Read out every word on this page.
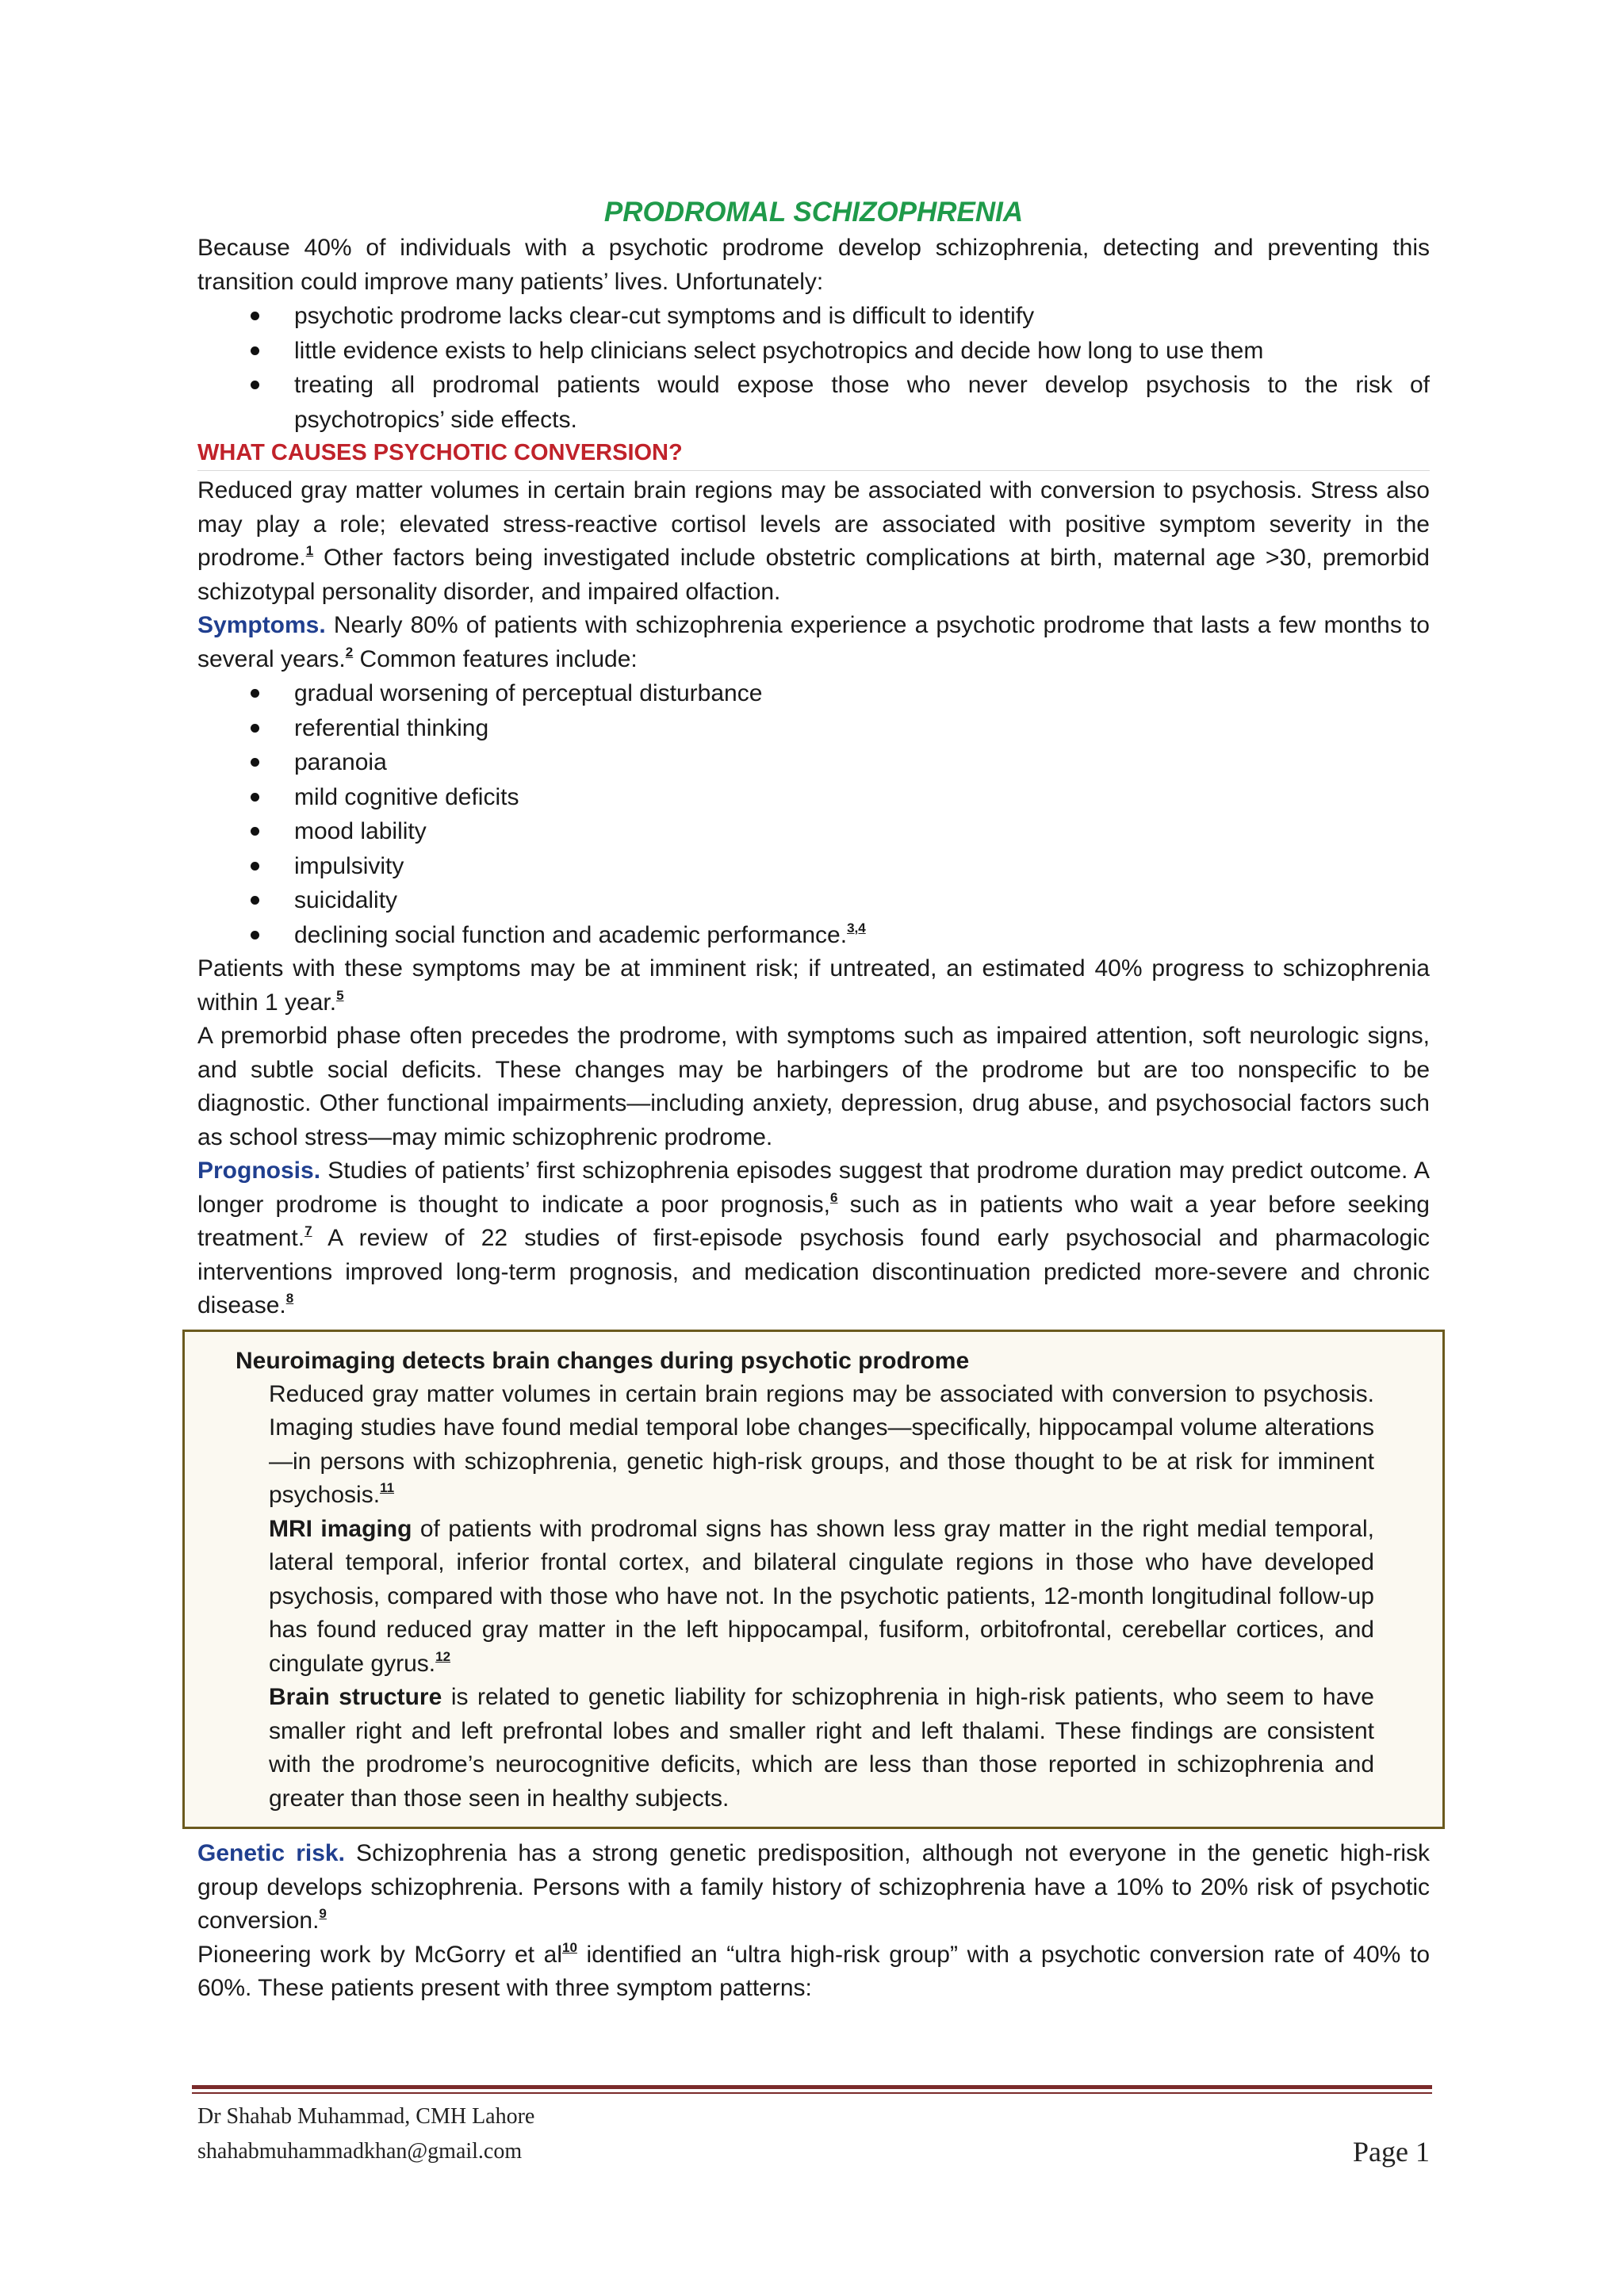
PRODROMAL SCHIZOPHRENIA

Because 40% of individuals with a psychotic prodrome develop schizophrenia, detecting and preventing this transition could improve many patients’ lives. Unfortunately:

psychotic prodrome lacks clear-cut symptoms and is difficult to identify
little evidence exists to help clinicians select psychotropics and decide how long to use them
treating all prodromal patients would expose those who never develop psychosis to the risk of psychotropics’ side effects.
WHAT CAUSES PSYCHOTIC CONVERSION?

Reduced gray matter volumes in certain brain regions may be associated with conversion to psychosis. Stress also may play a role; elevated stress-reactive cortisol levels are associated with positive symptom severity in the prodrome.$^1$ Other factors being investigated include obstetric complications at birth, maternal age >30, premorbid schizotypal personality disorder, and impaired olfaction.

Symptoms. Nearly 80% of patients with schizophrenia experience a psychotic prodrome that lasts a few months to several years.$^2$ Common features include:

gradual worsening of perceptual disturbance
referential thinking
paranoia
mild cognitive deficits
mood lability
impulsivity
suicidality
declining social function and academic performance.$^{3,4}$

Patients with these symptoms may be at imminent risk; if untreated, an estimated 40% progress to schizophrenia within 1 year.$^5$

A premorbid phase often precedes the prodrome, with symptoms such as impaired attention, soft neurologic signs, and subtle social deficits. These changes may be harbingers of the prodrome but are too nonspecific to be diagnostic. Other functional impairments—including anxiety, depression, drug abuse, and psychosocial factors such as school stress—may mimic schizophrenic prodrome.

Prognosis. Studies of patients’ first schizophrenia episodes suggest that prodrome duration may predict outcome. A longer prodrome is thought to indicate a poor prognosis,$^6$ such as in patients who wait a year before seeking treatment.$^7$ A review of 22 studies of first-episode psychosis found early psychosocial and pharmacologic interventions improved long-term prognosis, and medication discontinuation predicted more-severe and chronic disease.$^8$

Neuroimaging detects brain changes during psychotic prodrome

Reduced gray matter volumes in certain brain regions may be associated with conversion to psychosis. Imaging studies have found medial temporal lobe changes—specifically, hippocampal volume alterations—in persons with schizophrenia, genetic high-risk groups, and those thought to be at risk for imminent psychosis.$^{11}$

MRI imaging of patients with prodromal signs has shown less gray matter in the right medial temporal, lateral temporal, inferior frontal cortex, and bilateral cingulate regions in those who have developed psychosis, compared with those who have not. In the psychotic patients, 12-month longitudinal follow-up has found reduced gray matter in the left hippocampal, fusiform, orbitofrontal, cerebellar cortices, and cingulate gyrus.$^{12}$

Brain structure is related to genetic liability for schizophrenia in high-risk patients, who seem to have smaller right and left prefrontal lobes and smaller right and left thalami. These findings are consistent with the prodrome’s neurocognitive deficits, which are less than those reported in schizophrenia and greater than those seen in healthy subjects.

Genetic risk. Schizophrenia has a strong genetic predisposition, although not everyone in the genetic high-risk group develops schizophrenia. Persons with a family history of schizophrenia have a 10% to 20% risk of psychotic conversion.$^9$

Pioneering work by McGorry et $al^{10}$ identified an “ultra high-risk group” with a psychotic conversion rate of 40% to 60%. These patients present with three symptom patterns:

Dr Shahab Muhammad, CMH Lahore
shahabmuhammadkhan@gmail.com	Page 1
